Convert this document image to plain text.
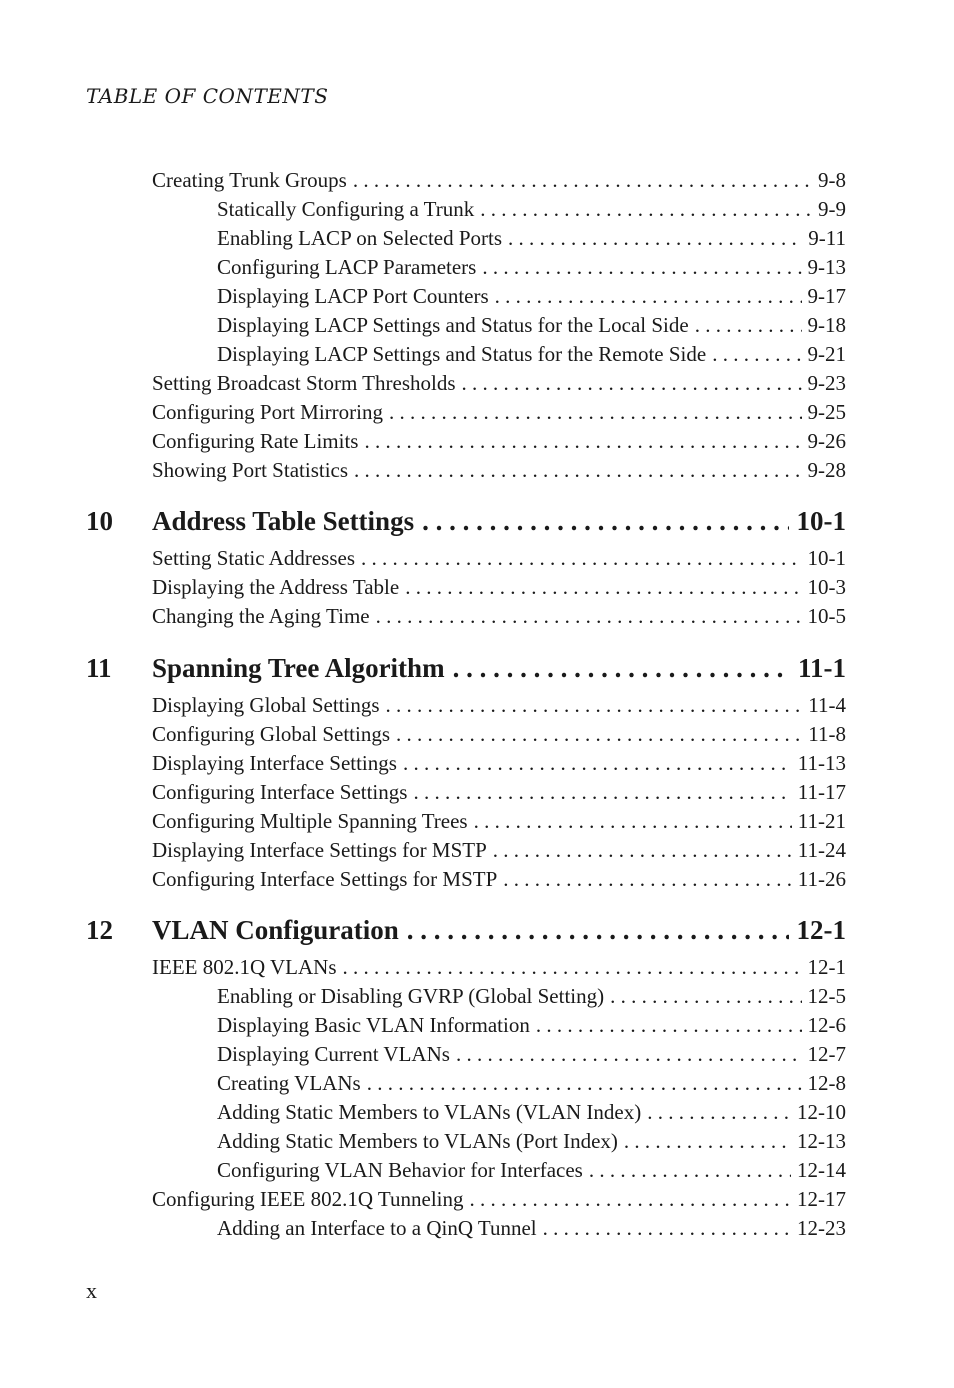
TABLE OF CONTENTS
Creating Trunk Groups . . .	9-8
Statically Configuring a Trunk . . .	9-9
Enabling LACP on Selected Ports . . .	9-11
Configuring LACP Parameters . . .	9-13
Displaying LACP Port Counters . . .	9-17
Displaying LACP Settings and Status for the Local Side . . .	9-18
Displaying LACP Settings and Status for the Remote Side . . .	9-21
Setting Broadcast Storm Thresholds . . .	9-23
Configuring Port Mirroring . . .	9-25
Configuring Rate Limits . . .	9-26
Showing Port Statistics . . .	9-28
10	Address Table Settings . . .	10-1
Setting Static Addresses . . .	10-1
Displaying the Address Table . . .	10-3
Changing the Aging Time . . .	10-5
11	Spanning Tree Algorithm . . .	11-1
Displaying Global Settings . . .	11-4
Configuring Global Settings . . .	11-8
Displaying Interface Settings . . .	11-13
Configuring Interface Settings . . .	11-17
Configuring Multiple Spanning Trees . . .	11-21
Displaying Interface Settings for MSTP . . .	11-24
Configuring Interface Settings for MSTP . . .	11-26
12	VLAN Configuration . . .	12-1
IEEE 802.1Q VLANs . . .	12-1
Enabling or Disabling GVRP (Global Setting) . . .	12-5
Displaying Basic VLAN Information . . .	12-6
Displaying Current VLANs . . .	12-7
Creating VLANs . . .	12-8
Adding Static Members to VLANs (VLAN Index) . . .	12-10
Adding Static Members to VLANs (Port Index) . . .	12-13
Configuring VLAN Behavior for Interfaces . . .	12-14
Configuring IEEE 802.1Q Tunneling . . .	12-17
Adding an Interface to a QinQ Tunnel . . .	12-23
x
